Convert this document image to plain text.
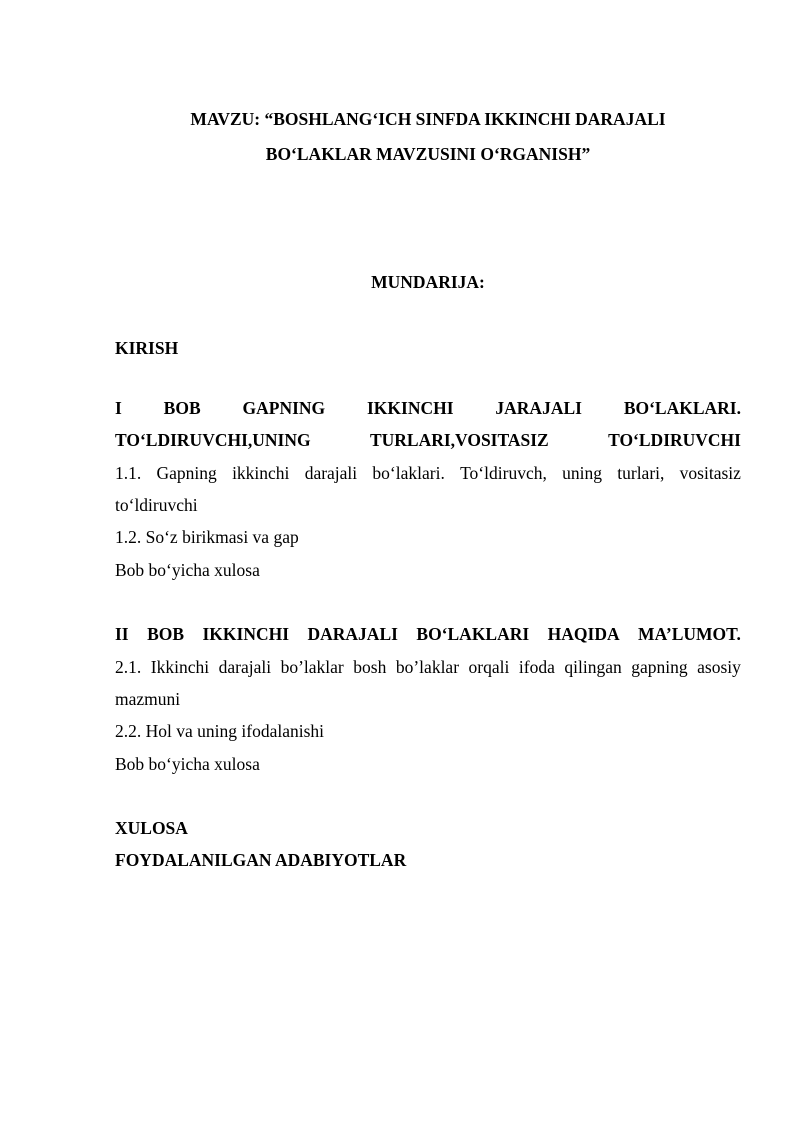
MAVZU: “BOSHLANG‘ICH SINFDA IKKINCHI DARAJALI
BO‘LAKLAR MAVZUSINI O‘RGANISH”
MUNDARIJA:
KIRISH
I BOB GAPNING IKKINCHI JARAJALI BO‘LAKLARI.
TO‘LDIRUVCHI,UNING	TURLARI,VOSITASIZ	TO‘LDIRUVCHI
1.1. Gapning ikkinchi darajali bo‘laklari. To‘ldiruvch, uning turlari, vositasiz
to‘ldiruvchi
1.2. So‘z birikmasi va gap
Bob bo‘yicha xulosa
II BOB IKKINCHI DARAJALI BO‘LAKLARI HAQIDA MA’LUMOT.
2.1. Ikkinchi darajali bo’laklar bosh bo’laklar orqali ifoda qilingan gapning asosiy
mazmuni
2.2. Hol va uning ifodalanishi
Bob bo‘yicha xulosa
XULOSA
FOYDALANILGAN ADABIYOTLAR
